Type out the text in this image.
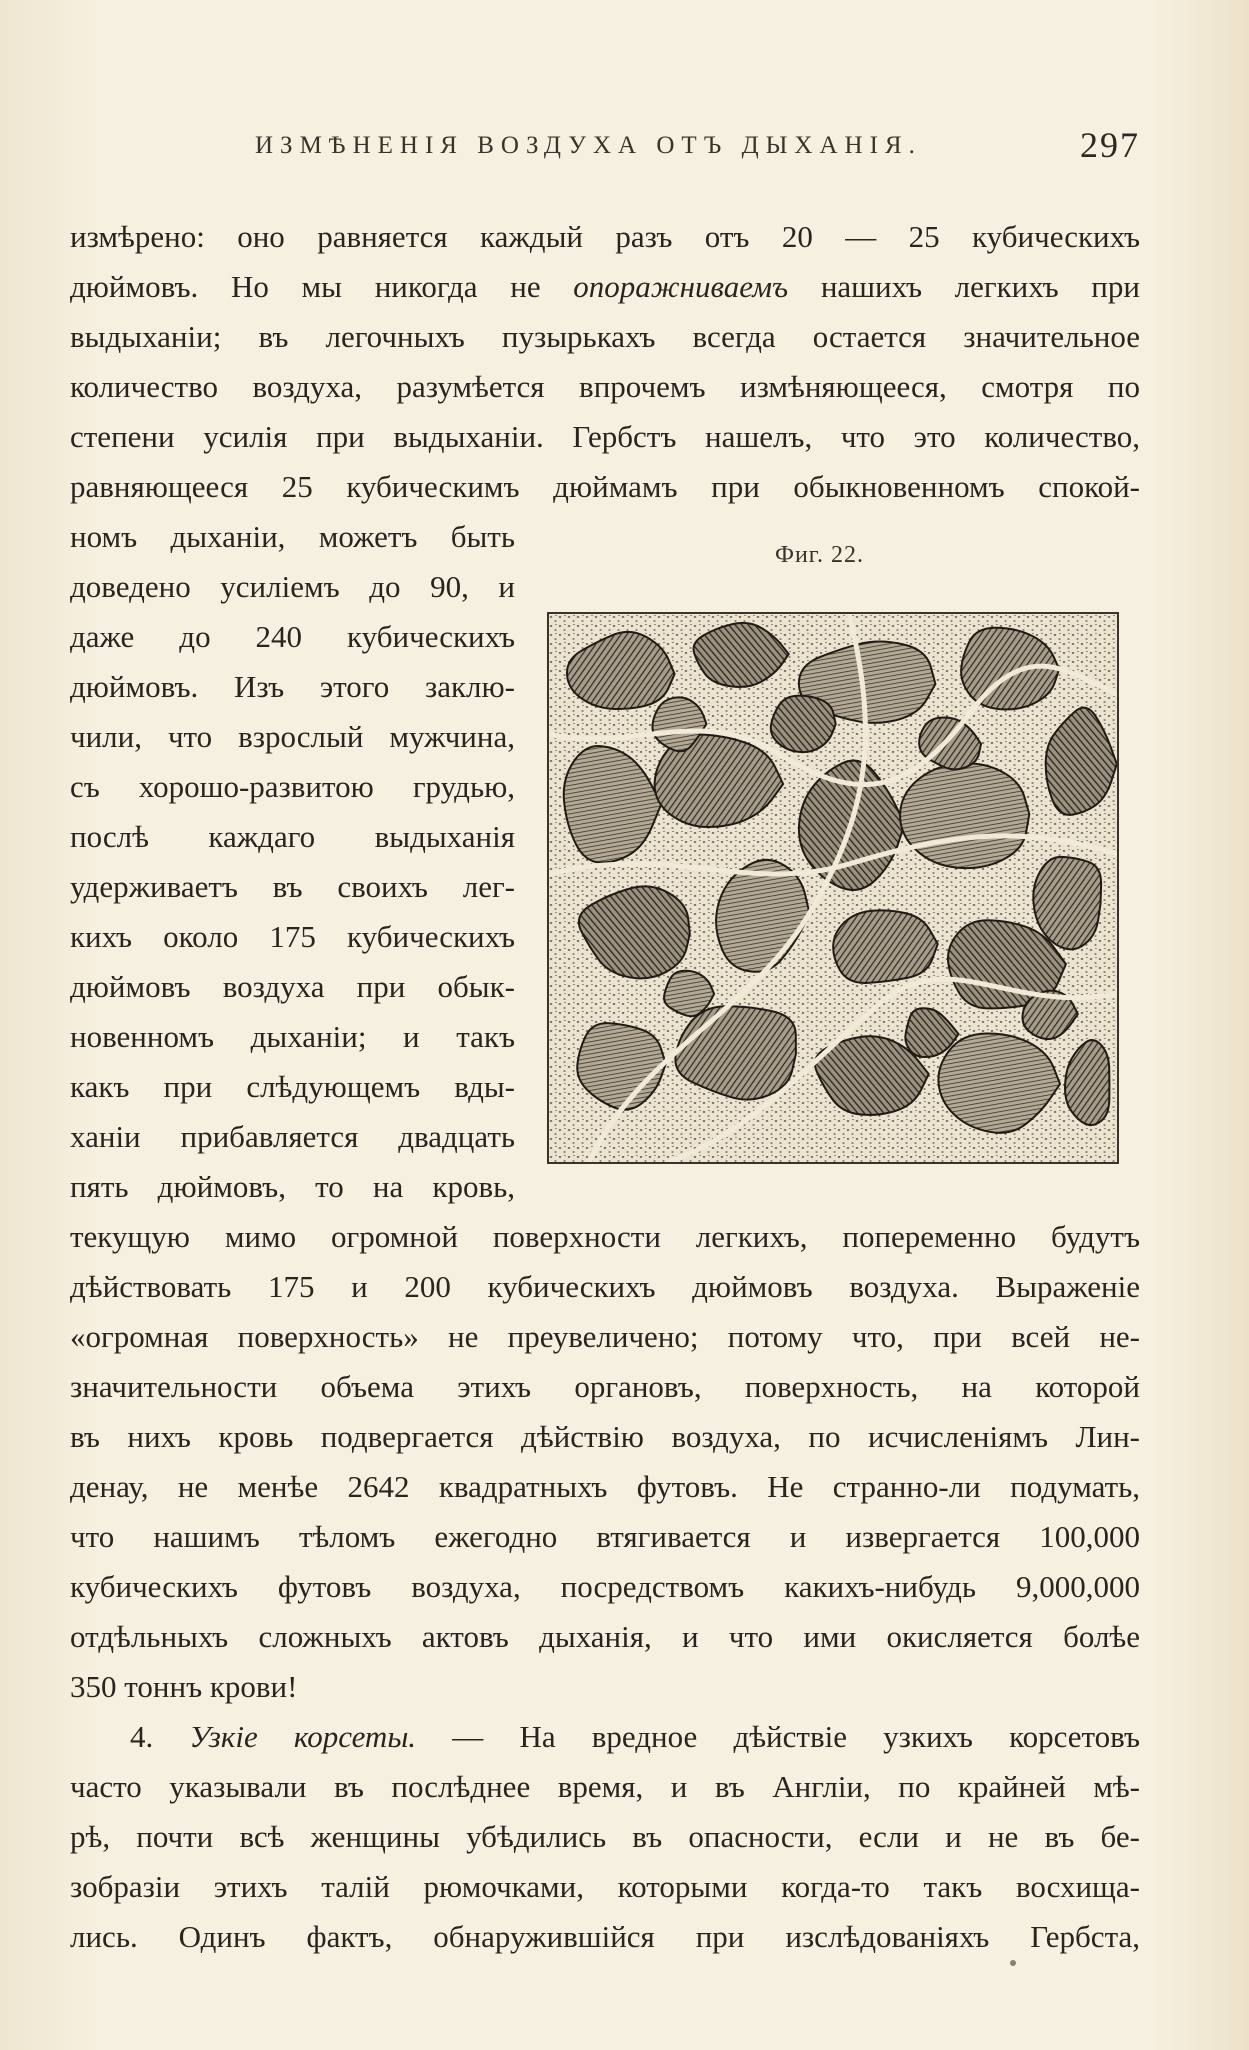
ИЗМѢНЕНІЯ ВОЗДУХА ОТЪ ДЫХАНІЯ.	297
Фиг. 22.
измѣрено: оно равняется каждый разъ отъ 20 — 25 кубическихъ
дюймовъ. Но мы никогда не опоражниваемъ нашихъ легкихъ при
выдыханіи; въ легочныхъ пузырькахъ всегда остается значительное
количество воздуха, разумѣется впрочемъ измѣняющееся, смотря по
степени усилія при выдыханіи. Гербстъ нашелъ, что это количество,
равняющееся 25 кубическимъ дюймамъ при обыкновенномъ спокой-
номъ дыханіи, можетъ быть
доведено усиліемъ до 90, и
даже до 240 кубическихъ
дюймовъ. Изъ этого заклю-
чили, что взрослый мужчина,
съ хорошо-развитою грудью,
послѣ каждаго выдыханія
удерживаетъ въ своихъ лег-
кихъ около 175 кубическихъ
дюймовъ воздуха при обык-
новенномъ дыханіи; и такъ
какъ при слѣдующемъ вды-
ханіи прибавляется двадцать
пять дюймовъ, то на кровь,
текущую мимо огромной поверхности легкихъ, попеременно будутъ
дѣйствовать 175 и 200 кубическихъ дюймовъ воздуха. Выраженіе
«огромная поверхность» не преувеличено; потому что, при всей не-
значительности объема этихъ органовъ, поверхность, на которой
въ нихъ кровь подвергается дѣйствію воздуха, по исчисленіямъ Лин-
денау, не менѣе 2642 квадратныхъ футовъ. Не странно-ли подумать,
что нашимъ тѣломъ ежегодно втягивается и извергается 100,000
кубическихъ футовъ воздуха, посредствомъ какихъ-нибудь 9,000,000
отдѣльныхъ сложныхъ актовъ дыханія, и что ими окисляется болѣе
350 тоннъ крови!
4. Узкіе корсеты. — На вредное дѣйствіе узкихъ корсетовъ
часто указывали въ послѣднее время, и въ Англіи, по крайней мѣ-
рѣ, почти всѣ женщины убѣдились въ опасности, если и не въ бе-
зобразіи этихъ талій рюмочками, которыми когда-то такъ восхища-
лись. Одинъ фактъ, обнаружившійся при изслѣдованіяхъ Гербста,
